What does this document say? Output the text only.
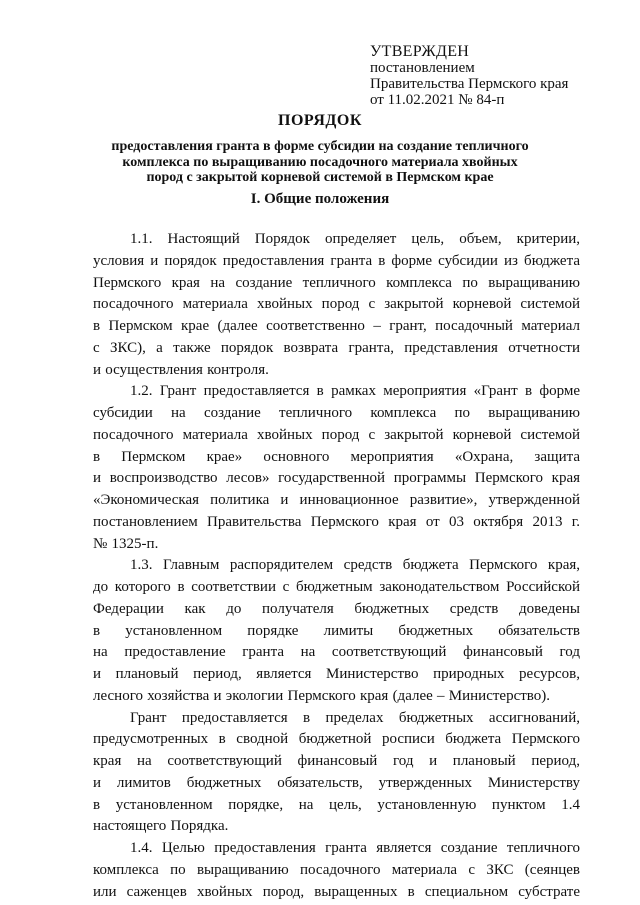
УТВЕРЖДЕН
постановлением
Правительства Пермского края
от 11.02.2021 № 84-п
ПОРЯДОК
предоставления гранта в форме субсидии на создание тепличного
комплекса по выращиванию посадочного материала хвойных
пород с закрытой корневой системой в Пермском крае
I. Общие положения

1.1. Настоящий Порядок определяет цель, объем, критерии,

условия и порядок предоставления гранта в форме субсидии из бюджета

Пермского края на создание тепличного комплекса по выращиванию

посадочного материала хвойных пород с закрытой корневой системой

в Пермском крае (далее соответственно – грант, посадочный материал

с ЗКС), а также порядок возврата гранта, представления отчетности

и осуществления контроля.

1.2. Грант предоставляется в рамках мероприятия «Грант в форме

субсидии на создание тепличного комплекса по выращиванию

посадочного материала хвойных пород с закрытой корневой системой

в Пермском крае» основного мероприятия «Охрана, защита

и воспроизводство лесов» государственной программы Пермского края

«Экономическая политика и инновационное развитие», утвержденной

постановлением Правительства Пермского края от 03 октября 2013 г.

№ 1325-п.

1.3. Главным распорядителем средств бюджета Пермского края,

до которого в соответствии с бюджетным законодательством Российской

Федерации как до получателя бюджетных средств доведены

в установленном порядке лимиты бюджетных обязательств

на предоставление гранта на соответствующий финансовый год

и плановый период, является Министерство природных ресурсов,

лесного хозяйства и экологии Пермского края (далее – Министерство).

Грант предоставляется в пределах бюджетных ассигнований,

предусмотренных в сводной бюджетной росписи бюджета Пермского

края на соответствующий финансовый год и плановый период,

и лимитов бюджетных обязательств, утвержденных Министерству

в установленном порядке, на цель, установленную пунктом 1.4

настоящего Порядка.

1.4. Целью предоставления гранта является создание тепличного

комплекса по выращиванию посадочного материала с ЗКС (сеянцев

или саженцев хвойных пород, выращенных в специальном субстрате
